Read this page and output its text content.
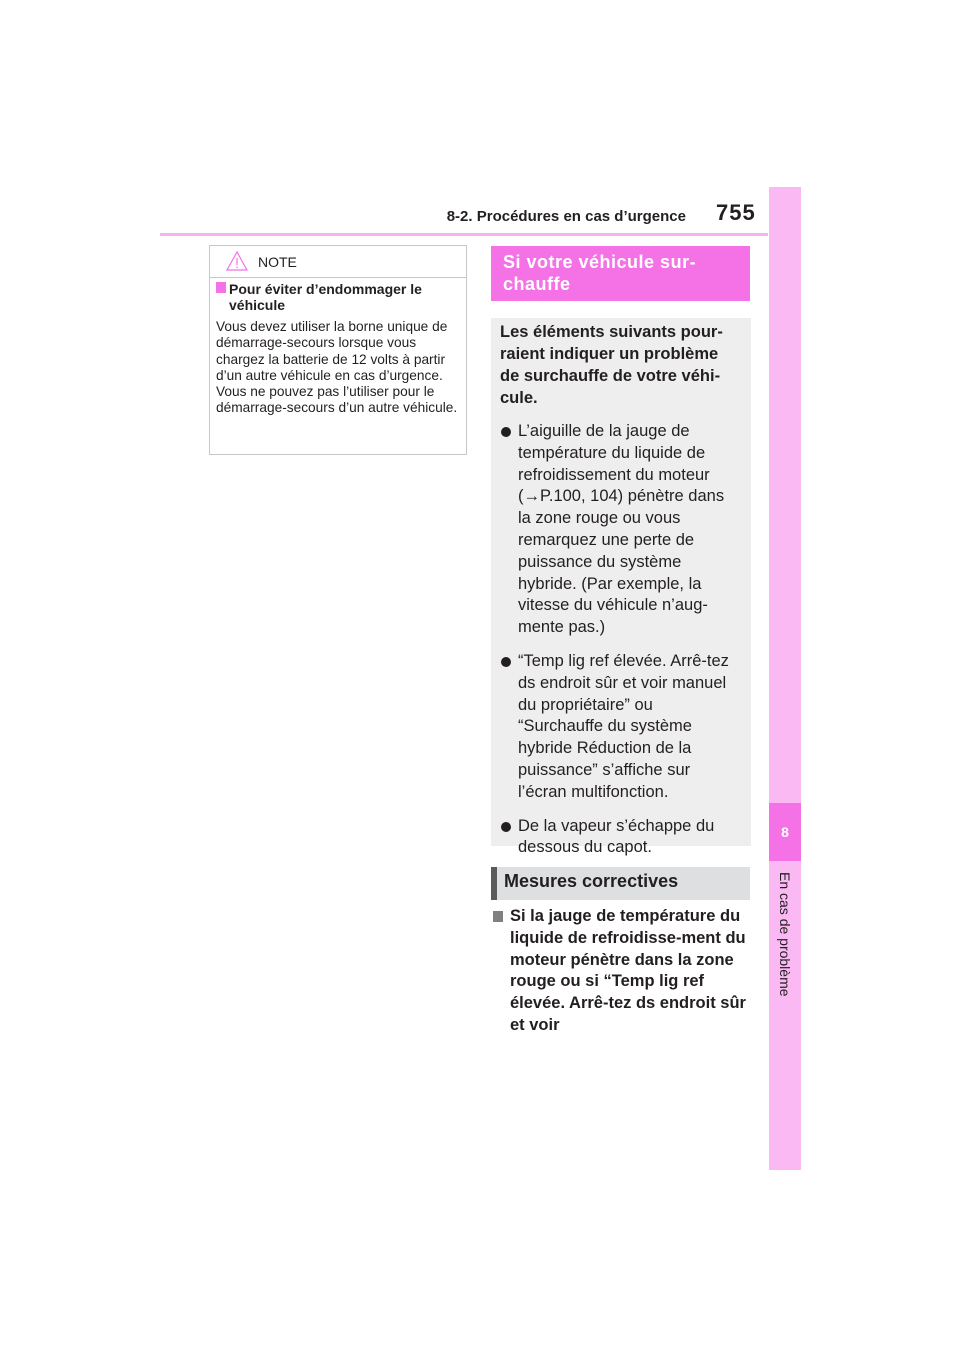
8-2. Procédures en cas d’urgence 755
8
En cas de problème
NOTE
Pour éviter d’endommager le véhicule
Vous devez utiliser la borne unique de démarrage-secours lorsque vous chargez la batterie de 12 volts à partir d’un autre véhicule en cas d’urgence. Vous ne pouvez pas l’utiliser pour le démarrage-secours d’un autre véhicule.
Si votre véhicule sur-chauffe
Les éléments suivants pour-raient indiquer un problème de surchauffe de votre véhi-cule.
L’aiguille de la jauge de température du liquide de refroidissement du moteur (→P.100, 104) pénètre dans la zone rouge ou vous remarquez une perte de puissance du système hybride. (Par exemple, la vitesse du véhicule n’aug-mente pas.)
“Temp lig ref élevée. Arrê-tez ds endroit sûr et voir manuel du propriétaire” ou “Surchauffe du système hybride Réduction de la puissance” s’affiche sur l’écran multifonction.
De la vapeur s’échappe du dessous du capot.
Mesures correctives
Si la jauge de température du liquide de refroidisse-ment du moteur pénètre dans la zone rouge ou si “Temp lig ref élevée. Arrê-tez ds endroit sûr et voir
